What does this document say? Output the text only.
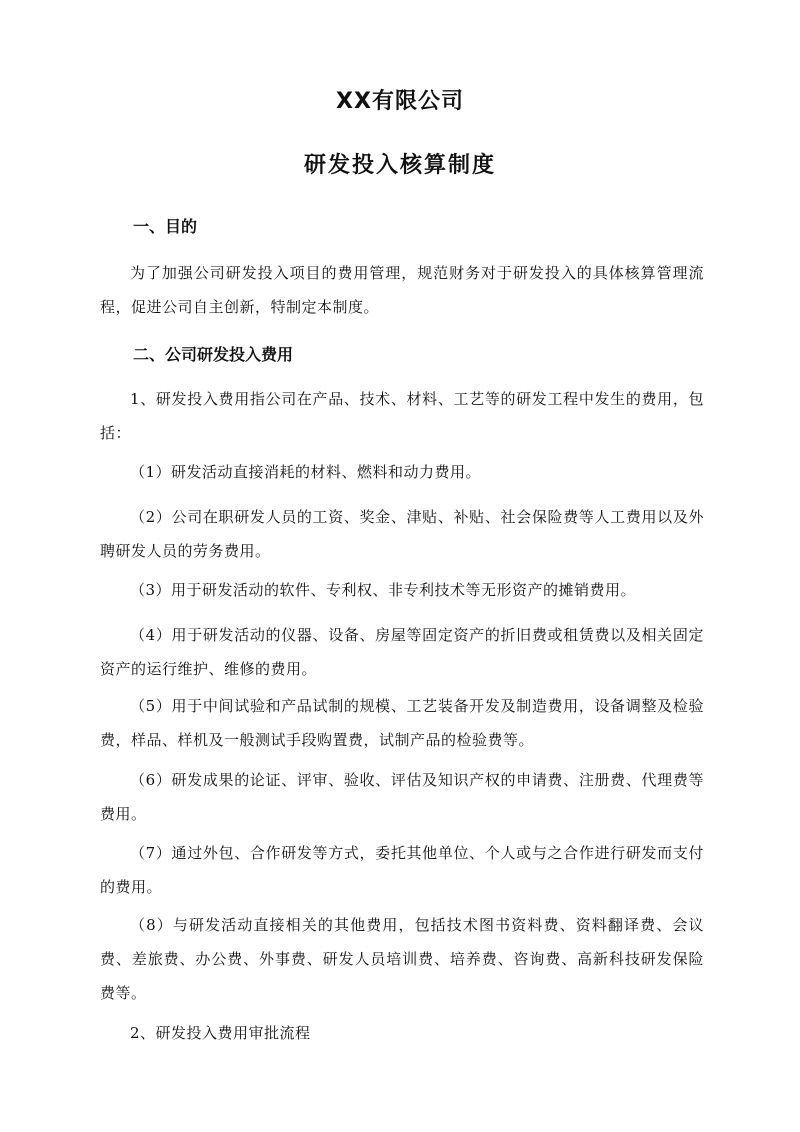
XX有限公司
研发投入核算制度
一、目的
为了加强公司研发投入项目的费用管理，规范财务对于研发投入的具体核算管理流程，促进公司自主创新，特制定本制度。
二、公司研发投入费用
1、研发投入费用指公司在产品、技术、材料、工艺等的研发工程中发生的费用，包括：
（1）研发活动直接消耗的材料、燃料和动力费用。
（2）公司在职研发人员的工资、奖金、津贴、补贴、社会保险费等人工费用以及外聘研发人员的劳务费用。
（3）用于研发活动的软件、专利权、非专利技术等无形资产的摊销费用。
（4）用于研发活动的仪器、设备、房屋等固定资产的折旧费或租赁费以及相关固定资产的运行维护、维修的费用。
（5）用于中间试验和产品试制的规模、工艺装备开发及制造费用，设备调整及检验费，样品、样机及一般测试手段购置费，试制产品的检验费等。
（6）研发成果的论证、评审、验收、评估及知识产权的申请费、注册费、代理费等费用。
（7）通过外包、合作研发等方式，委托其他单位、个人或与之合作进行研发而支付的费用。
（8）与研发活动直接相关的其他费用，包括技术图书资料费、资料翻译费、会议费、差旅费、办公费、外事费、研发人员培训费、培养费、咨询费、高新科技研发保险费等。
2、研发投入费用审批流程
